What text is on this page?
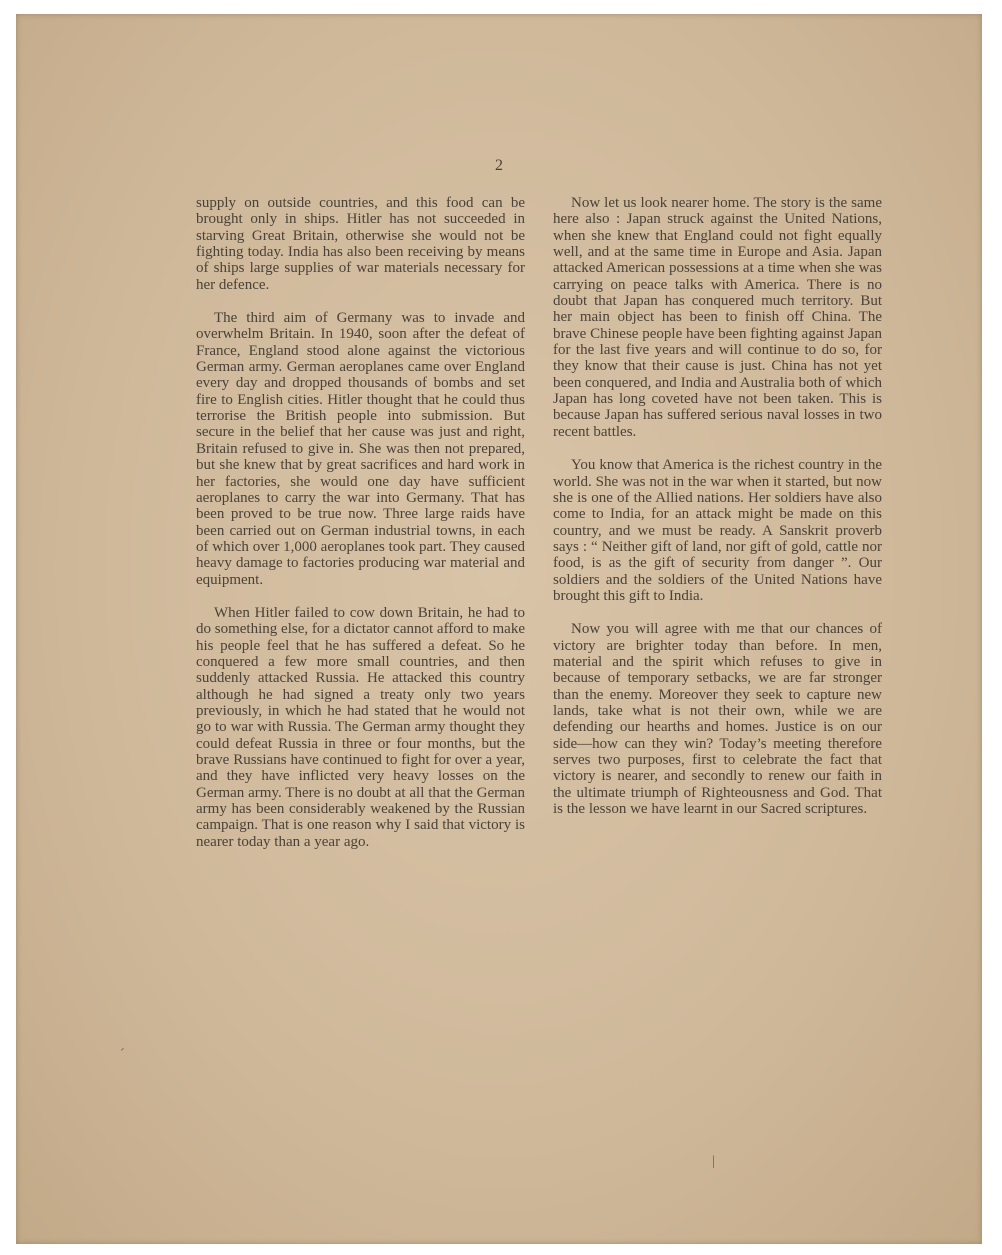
2

supply on outside countries, and this food can be brought only in ships. Hitler has not succeeded in starving Great Britain, otherwise she would not be fighting today. India has also been receiving by means of ships large supplies of war materials necessary for her defence.

The third aim of Germany was to invade and overwhelm Britain. In 1940, soon after the defeat of France, England stood alone against the victorious German army. German aeroplanes came over England every day and dropped thousands of bombs and set fire to English cities. Hitler thought that he could thus terrorise the British people into submission. But secure in the belief that her cause was just and right, Britain refused to give in. She was then not prepared, but she knew that by great sacrifices and hard work in her factories, she would one day have sufficient aeroplanes to carry the war into Germany. That has been proved to be true now. Three large raids have been carried out on German industrial towns, in each of which over 1,000 aeroplanes took part. They caused heavy damage to factories producing war material and equipment.

When Hitler failed to cow down Britain, he had to do something else, for a dictator cannot afford to make his people feel that he has suffered a defeat. So he conquered a few more small countries, and then suddenly attacked Russia. He attacked this country although he had signed a treaty only two years previously, in which he had stated that he would not go to war with Russia. The German army thought they could defeat Russia in three or four months, but the brave Russians have continued to fight for over a year, and they have inflicted very heavy losses on the German army. There is no doubt at all that the German army has been considerably weakened by the Russian campaign. That is one reason why I said that victory is nearer today than a year ago.

Now let us look nearer home. The story is the same here also : Japan struck against the United Nations, when she knew that England could not fight equally well, and at the same time in Europe and Asia. Japan attacked American possessions at a time when she was carrying on peace talks with America. There is no doubt that Japan has conquered much territory. But her main object has been to finish off China. The brave Chinese people have been fighting against Japan for the last five years and will continue to do so, for they know that their cause is just. China has not yet been conquered, and India and Australia both of which Japan has long coveted have not been taken. This is because Japan has suffered serious naval losses in two recent battles.

You know that America is the richest country in the world. She was not in the war when it started, but now she is one of the Allied nations. Her soldiers have also come to India, for an attack might be made on this country, and we must be ready. A Sanskrit proverb says : “ Neither gift of land, nor gift of gold, cattle nor food, is as the gift of security from danger ”. Our soldiers and the soldiers of the United Nations have brought this gift to India.

Now you will agree with me that our chances of victory are brighter today than before. In men, material and the spirit which refuses to give in because of temporary setbacks, we are far stronger than the enemy. Moreover they seek to capture new lands, take what is not their own, while we are defending our hearths and homes. Justice is on our side—how can they win? Today’s meeting therefore serves two purposes, first to celebrate the fact that victory is nearer, and secondly to renew our faith in the ultimate triumph of Righteousness and God. That is the lesson we have learnt in our Sacred scriptures.

ˊ
|
